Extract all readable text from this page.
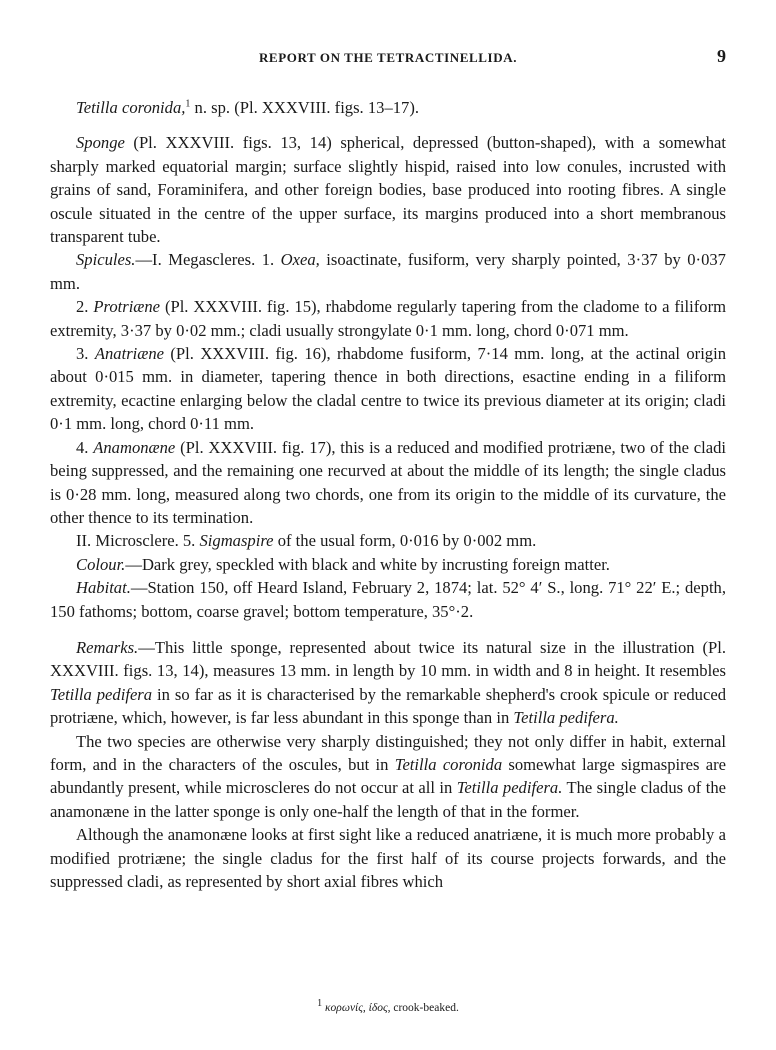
REPORT ON THE TETRACTINELLIDA.	9

Tetilla coronida,$^1$ n. sp. (Pl. XXXVIII. figs. 13–17).

Sponge (Pl. XXXVIII. figs. 13, 14) spherical, depressed (button-shaped), with a somewhat sharply marked equatorial margin; surface slightly hispid, raised into low conules, incrusted with grains of sand, Foraminifera, and other foreign bodies, base produced into rooting fibres. A single oscule situated in the centre of the upper surface, its margins produced into a short membranous transparent tube.

Spicules.—I. Megascleres. 1. Oxea, isoactinate, fusiform, very sharply pointed, 3·37 by 0·037 mm.

2. Protriæne (Pl. XXXVIII. fig. 15), rhabdome regularly tapering from the cladome to a filiform extremity, 3·37 by 0·02 mm.; cladi usually strongylate 0·1 mm. long, chord 0·071 mm.

3. Anatriæne (Pl. XXXVIII. fig. 16), rhabdome fusiform, 7·14 mm. long, at the actinal origin about 0·015 mm. in diameter, tapering thence in both directions, esactine ending in a filiform extremity, ecactine enlarging below the cladal centre to twice its previous diameter at its origin; cladi 0·1 mm. long, chord 0·11 mm.

4. Anamonæne (Pl. XXXVIII. fig. 17), this is a reduced and modified protriæne, two of the cladi being suppressed, and the remaining one recurved at about the middle of its length; the single cladus is 0·28 mm. long, measured along two chords, one from its origin to the middle of its curvature, the other thence to its termination.

II. Microsclere. 5. Sigmaspire of the usual form, 0·016 by 0·002 mm.

Colour.—Dark grey, speckled with black and white by incrusting foreign matter.

Habitat.—Station 150, off Heard Island, February 2, 1874; lat. 52° 4′ S., long. 71° 22′ E.; depth, 150 fathoms; bottom, coarse gravel; bottom temperature, 35°·2.

Remarks.—This little sponge, represented about twice its natural size in the illustration (Pl. XXXVIII. figs. 13, 14), measures 13 mm. in length by 10 mm. in width and 8 in height. It resembles Tetilla pedifera in so far as it is characterised by the remarkable shepherd's crook spicule or reduced protriæne, which, however, is far less abundant in this sponge than in Tetilla pedifera.

The two species are otherwise very sharply distinguished; they not only differ in habit, external form, and in the characters of the oscules, but in Tetilla coronida somewhat large sigmaspires are abundantly present, while microscleres do not occur at all in Tetilla pedifera. The single cladus of the anamonæne in the latter sponge is only one-half the length of that in the former.

Although the anamonæne looks at first sight like a reduced anatriæne, it is much more probably a modified protriæne; the single cladus for the first half of its course projects forwards, and the suppressed cladi, as represented by short axial fibres which

$^1$ κορωνίς, ίδος, crook-beaked.
